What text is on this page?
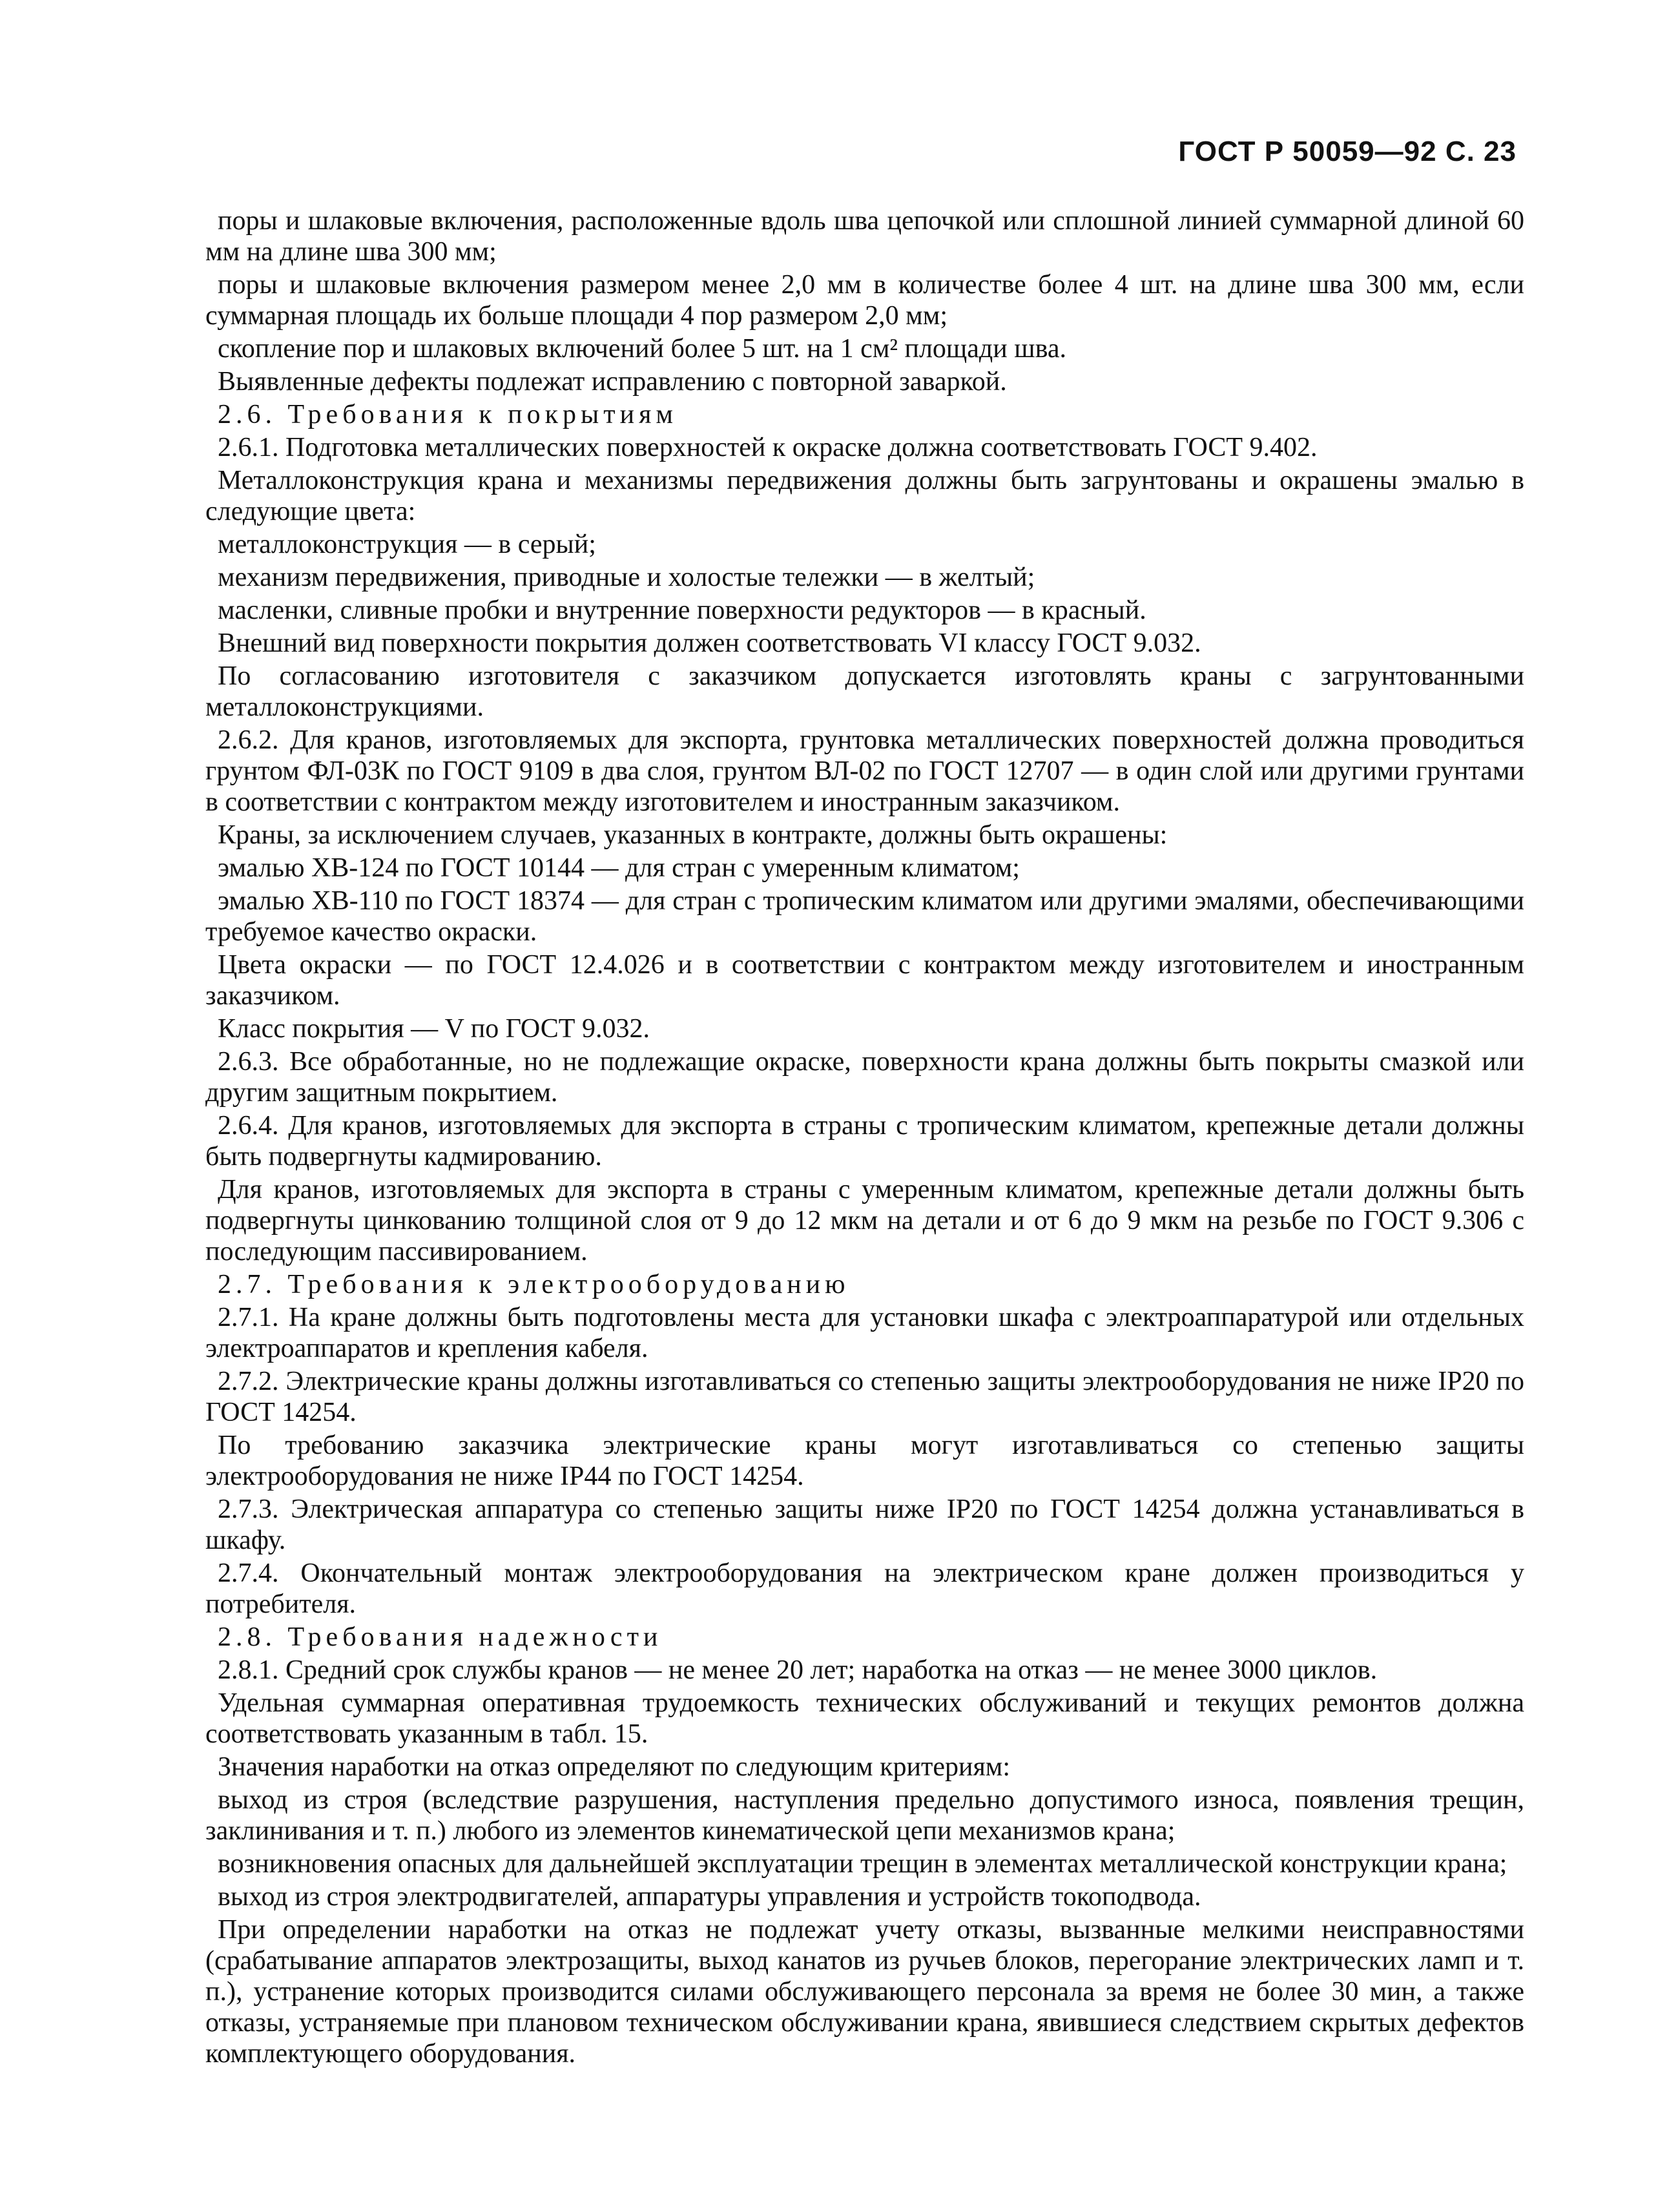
ГОСТ Р 50059—92 С. 23

поры и шлаковые включения, расположенные вдоль шва цепочкой или сплошной линией суммарной длиной 60 мм на длине шва 300 мм;

поры и шлаковые включения размером менее 2,0 мм в количестве более 4 шт. на длине шва 300 мм, если суммарная площадь их больше площади 4 пор размером 2,0 мм;

скопление пор и шлаковых включений более 5 шт. на 1 см² площади шва.

Выявленные дефекты подлежат исправлению с повторной заваркой.

2.6. Требования к покрытиям

2.6.1. Подготовка металлических поверхностей к окраске должна соответствовать ГОСТ 9.402.

Металлоконструкция крана и механизмы передвижения должны быть загрунтованы и окрашены эмалью в следующие цвета:

металлоконструкция — в серый;

механизм передвижения, приводные и холостые тележки — в желтый;

масленки, сливные пробки и внутренние поверхности редукторов — в красный.

Внешний вид поверхности покрытия должен соответствовать VI классу ГОСТ 9.032.

По согласованию изготовителя с заказчиком допускается изготовлять краны с загрунтованными металлоконструкциями.

2.6.2. Для кранов, изготовляемых для экспорта, грунтовка металлических поверхностей должна проводиться грунтом ФЛ-03К по ГОСТ 9109 в два слоя, грунтом ВЛ-02 по ГОСТ 12707 — в один слой или другими грунтами в соответствии с контрактом между изготовителем и иностранным заказчиком.

Краны, за исключением случаев, указанных в контракте, должны быть окрашены:

эмалью ХВ-124 по ГОСТ 10144 — для стран с умеренным климатом;

эмалью ХВ-110 по ГОСТ 18374 — для стран с тропическим климатом или другими эмалями, обеспечивающими требуемое качество окраски.

Цвета окраски — по ГОСТ 12.4.026 и в соответствии с контрактом между изготовителем и иностранным заказчиком.

Класс покрытия — V по ГОСТ 9.032.

2.6.3. Все обработанные, но не подлежащие окраске, поверхности крана должны быть покрыты смазкой или другим защитным покрытием.

2.6.4. Для кранов, изготовляемых для экспорта в страны с тропическим климатом, крепежные детали должны быть подвергнуты кадмированию.

Для кранов, изготовляемых для экспорта в страны с умеренным климатом, крепежные детали должны быть подвергнуты цинкованию толщиной слоя от 9 до 12 мкм на детали и от 6 до 9 мкм на резьбе по ГОСТ 9.306 с последующим пассивированием.

2.7. Требования к электрооборудованию

2.7.1. На кране должны быть подготовлены места для установки шкафа с электроаппаратурой или отдельных электроаппаратов и крепления кабеля.

2.7.2. Электрические краны должны изготавливаться со степенью защиты электрооборудования не ниже IP20 по ГОСТ 14254.

По требованию заказчика электрические краны могут изготавливаться со степенью защиты электрооборудования не ниже IP44 по ГОСТ 14254.

2.7.3. Электрическая аппаратура со степенью защиты ниже IP20 по ГОСТ 14254 должна устанавливаться в шкафу.

2.7.4. Окончательный монтаж электрооборудования на электрическом кране должен производиться у потребителя.

2.8. Требования надежности

2.8.1. Средний срок службы кранов — не менее 20 лет; наработка на отказ — не менее 3000 циклов.

Удельная суммарная оперативная трудоемкость технических обслуживаний и текущих ремонтов должна соответствовать указанным в табл. 15.

Значения наработки на отказ определяют по следующим критериям:

выход из строя (вследствие разрушения, наступления предельно допустимого износа, появления трещин, заклинивания и т. п.) любого из элементов кинематической цепи механизмов крана;

возникновения опасных для дальнейшей эксплуатации трещин в элементах металлической конструкции крана;

выход из строя электродвигателей, аппаратуры управления и устройств токоподвода.

При определении наработки на отказ не подлежат учету отказы, вызванные мелкими неисправностями (срабатывание аппаратов электрозащиты, выход канатов из ручьев блоков, перегорание электрических ламп и т. п.), устранение которых производится силами обслуживающего персонала за время не более 30 мин, а также отказы, устраняемые при плановом техническом обслуживании крана, явившиеся следствием скрытых дефектов комплектующего оборудования.
